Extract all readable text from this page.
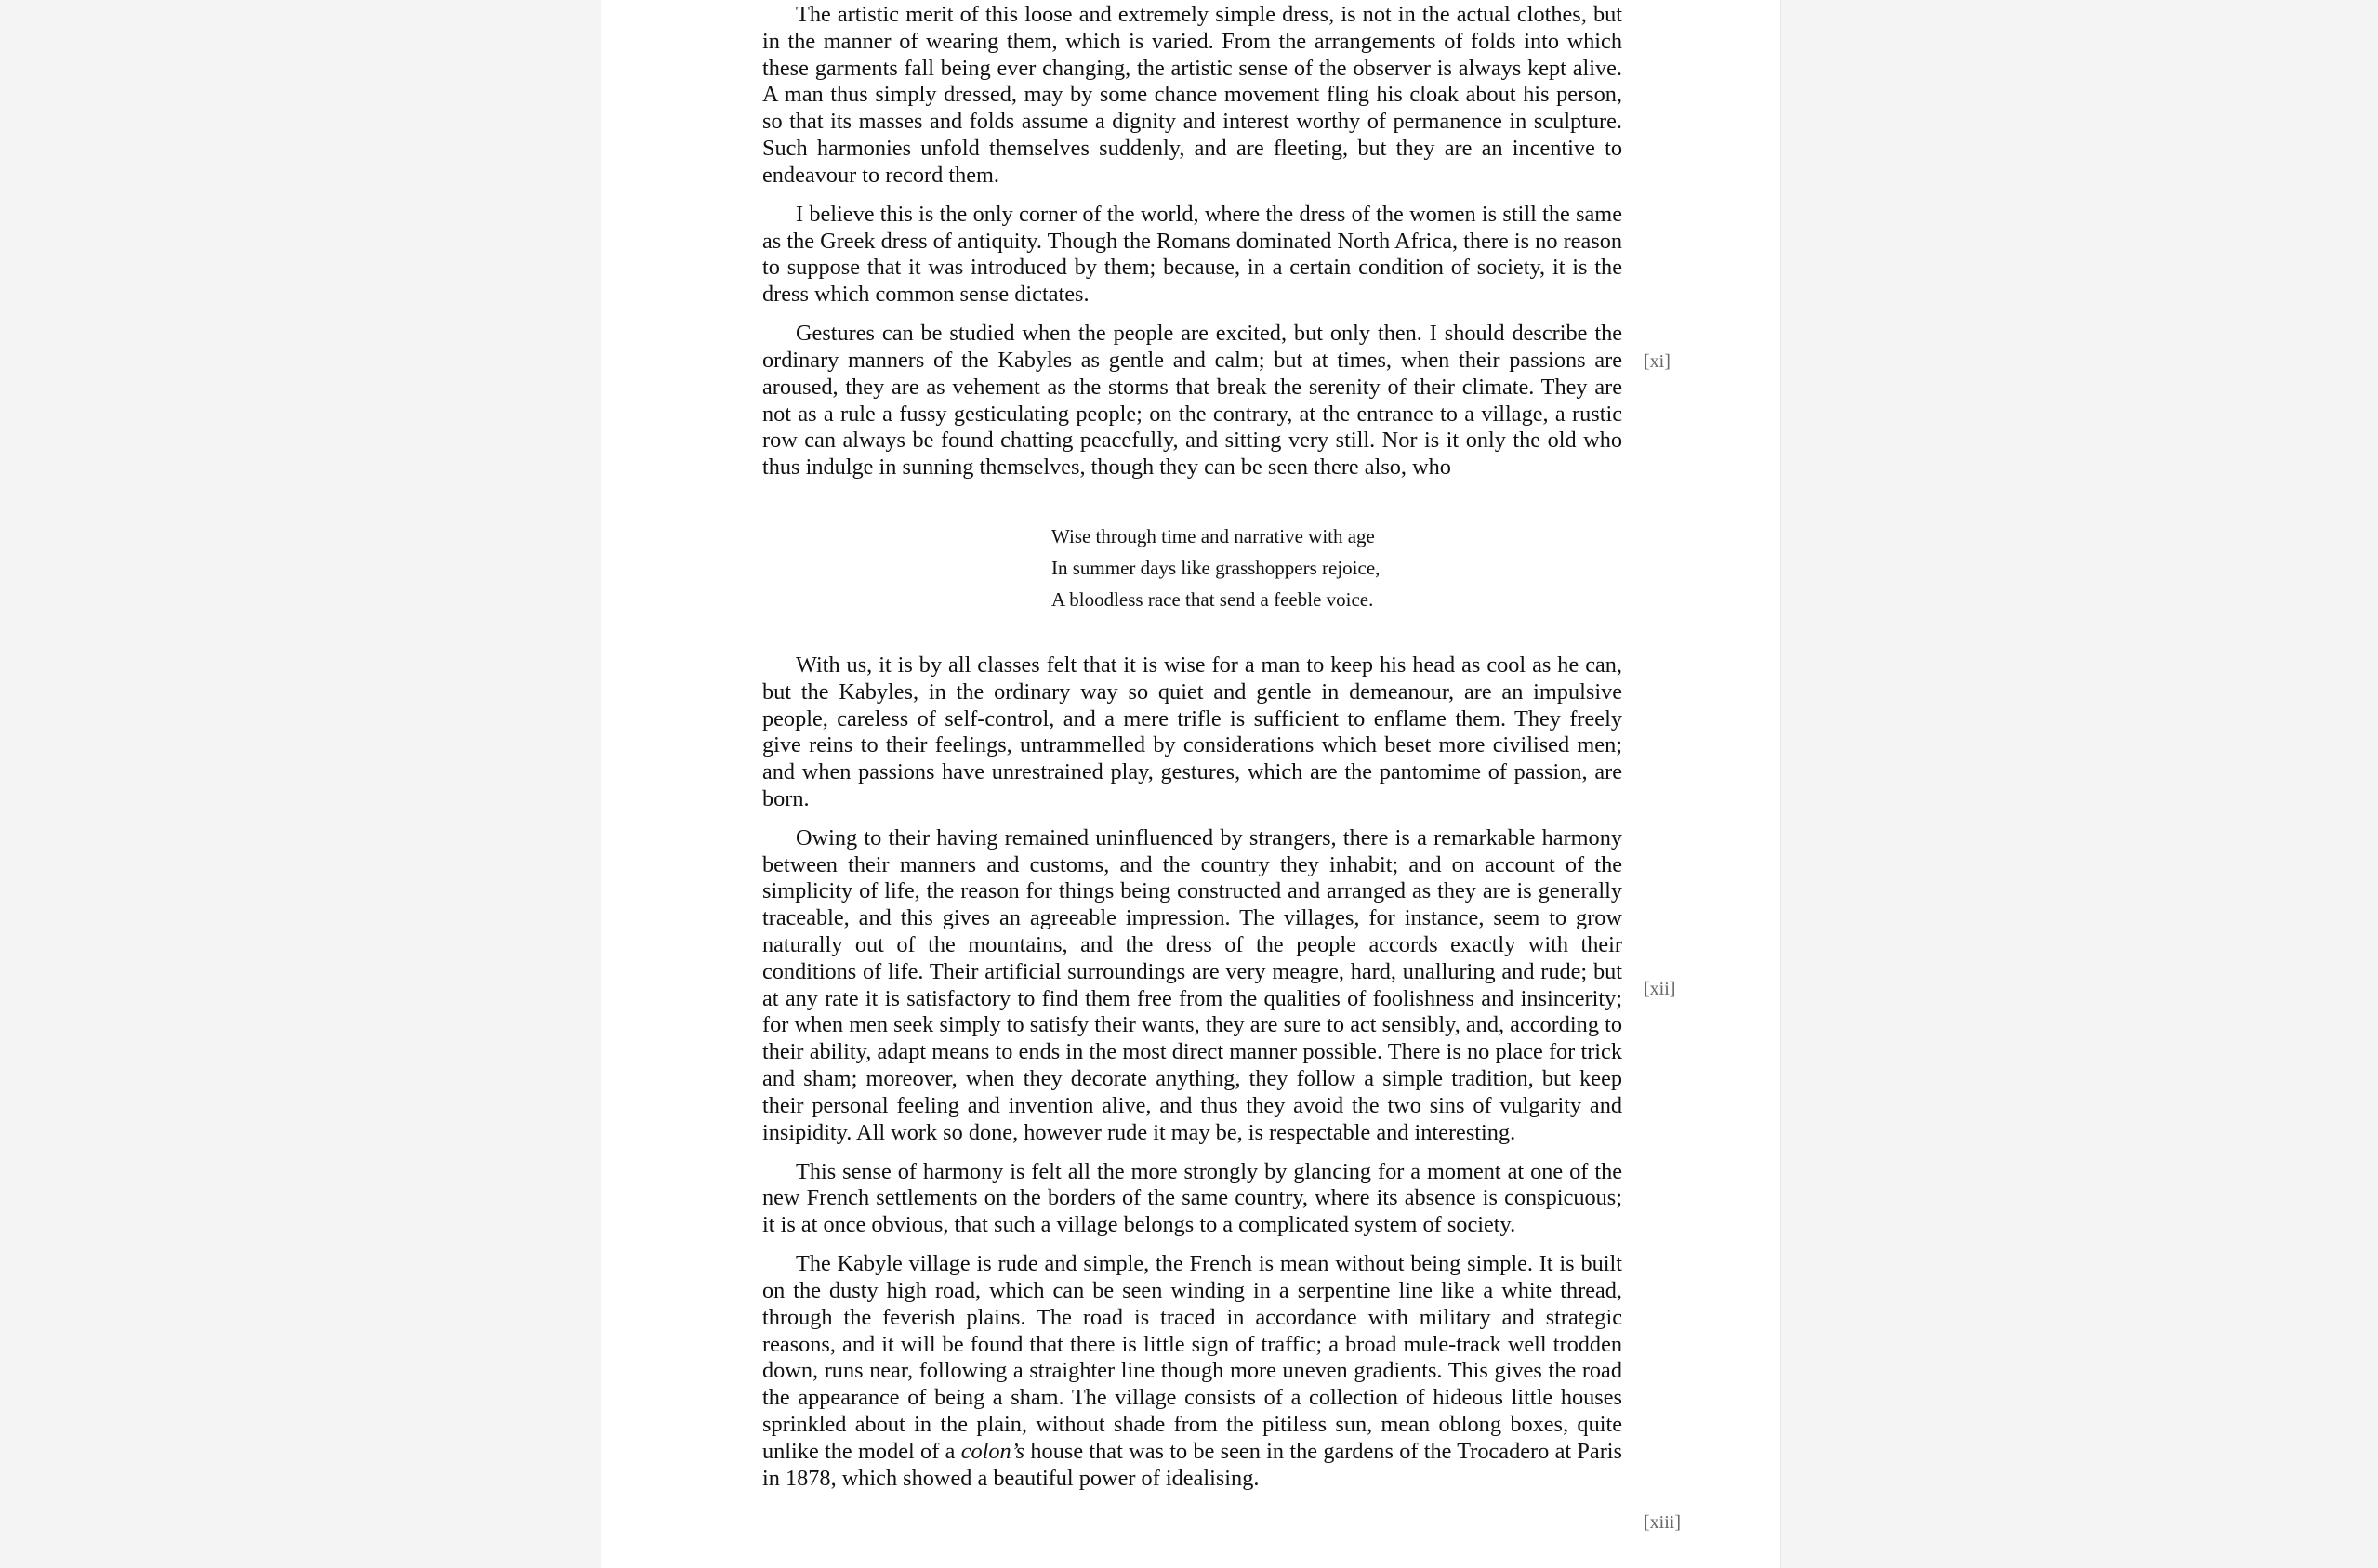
The artistic merit of this loose and extremely simple dress, is not in the actual clothes, but in the manner of wearing them, which is varied. From the arrangements of folds into which these garments fall being ever changing, the artistic sense of the observer is always kept alive. A man thus simply dressed, may by some chance movement fling his cloak about his person, so that its masses and folds assume a dignity and interest worthy of permanence in sculpture. Such harmonies unfold themselves suddenly, and are fleeting, but they are an incentive to endeavour to record them.

I believe this is the only corner of the world, where the dress of the women is still the same as the Greek dress of antiquity. Though the Romans dominated North Africa, there is no reason to suppose that it was introduced by them; because, in a certain condition of society, it is the dress which common sense dictates.

Gestures can be studied when the people are excited, but only then. I should describe the ordinary manners of the Kabyles as gentle and calm; but at times, when their passions are aroused, they are as vehement as the storms that break the serenity of their climate. They are not as a rule a fussy gesticulating people; on the contrary, at the entrance to a village, a rustic row can always be found chatting peacefully, and sitting very still. Nor is it only the old who thus indulge in sunning themselves, though they can be seen there also, who

Wise through time and narrative with age
In summer days like grasshoppers rejoice,
A bloodless race that send a feeble voice.

With us, it is by all classes felt that it is wise for a man to keep his head as cool as he can, but the Kabyles, in the ordinary way so quiet and gentle in demeanour, are an impulsive people, careless of self-control, and a mere trifle is sufficient to enflame them. They freely give reins to their feelings, untrammelled by considerations which beset more civilised men; and when passions have unrestrained play, gestures, which are the pantomime of passion, are born.

Owing to their having remained uninfluenced by strangers, there is a remarkable harmony between their manners and customs, and the country they inhabit; and on account of the simplicity of life, the reason for things being constructed and arranged as they are is generally traceable, and this gives an agreeable impression. The villages, for instance, seem to grow naturally out of the mountains, and the dress of the people accords exactly with their conditions of life. Their artificial surroundings are very meagre, hard, unalluring and rude; but at any rate it is satisfactory to find them free from the qualities of foolishness and insincerity; for when men seek simply to satisfy their wants, they are sure to act sensibly, and, according to their ability, adapt means to ends in the most direct manner possible. There is no place for trick and sham; moreover, when they decorate anything, they follow a simple tradition, but keep their personal feeling and invention alive, and thus they avoid the two sins of vulgarity and insipidity. All work so done, however rude it may be, is respectable and interesting.

This sense of harmony is felt all the more strongly by glancing for a moment at one of the new French settlements on the borders of the same country, where its absence is conspicuous; it is at once obvious, that such a village belongs to a complicated system of society.

The Kabyle village is rude and simple, the French is mean without being simple. It is built on the dusty high road, which can be seen winding in a serpentine line like a white thread, through the feverish plains. The road is traced in accordance with military and strategic reasons, and it will be found that there is little sign of traffic; a broad mule-track well trodden down, runs near, following a straighter line though more uneven gradients. This gives the road the appearance of being a sham. The village consists of a collection of hideous little houses sprinkled about in the plain, without shade from the pitiless sun, mean oblong boxes, quite unlike the model of a colon’s house that was to be seen in the gardens of the Trocadero at Paris in 1878, which showed a beautiful power of idealising.

[xi]
[xii]
[xiii]
